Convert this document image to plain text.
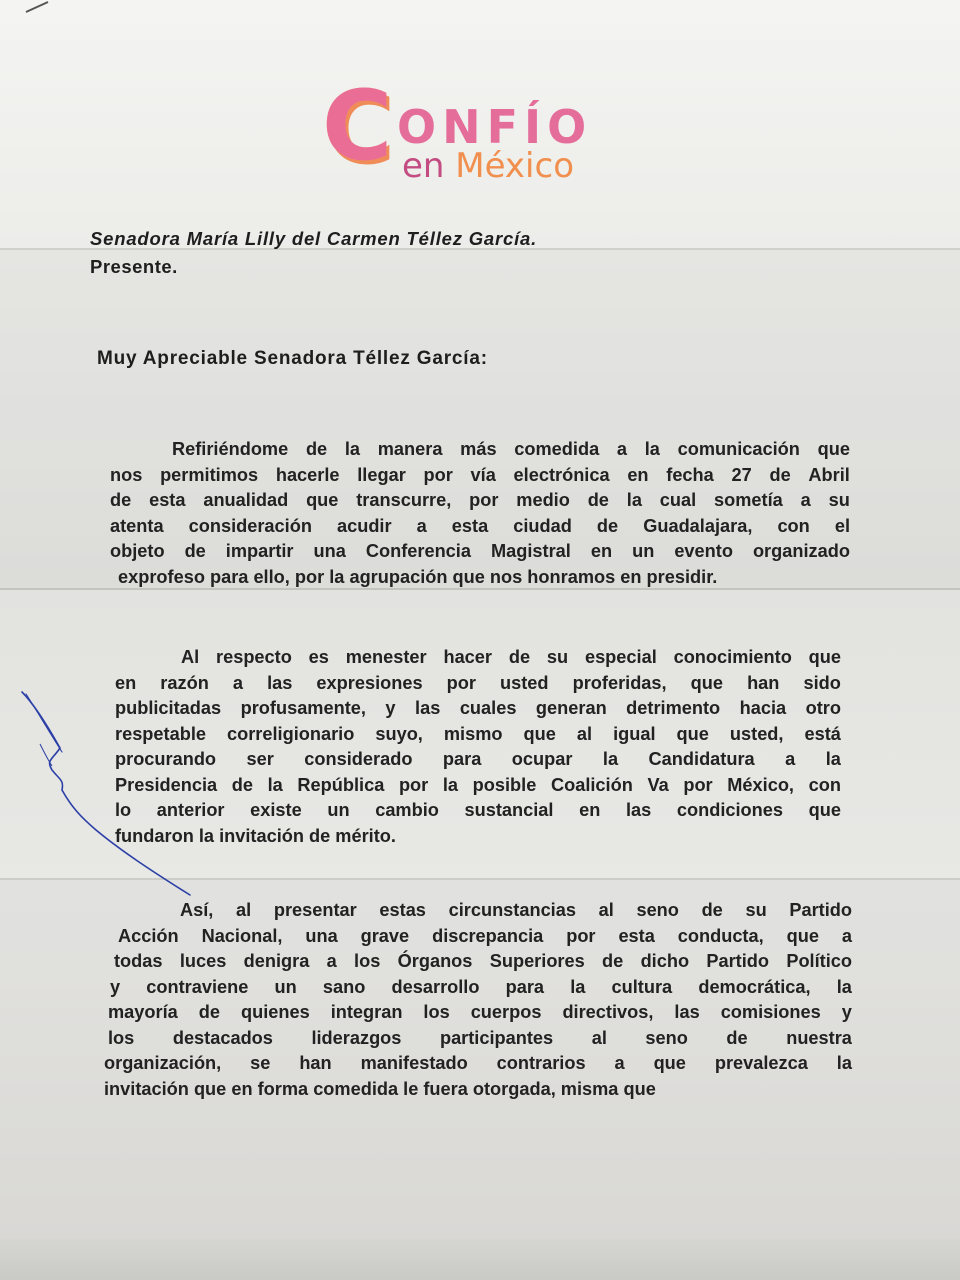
C ONFÍO
en México
Senadora María Lilly del Carmen Téllez García.
Presente.
Muy Apreciable Senadora Téllez García:
Refiriéndome de la manera más comedida a la comunicación que
nos permitimos hacerle llegar por vía electrónica en fecha 27 de Abril
de esta anualidad que transcurre, por medio de la cual sometía a su
atenta consideración acudir a esta ciudad de Guadalajara, con el
objeto de impartir una Conferencia Magistral en un evento organizado
exprofeso para ello, por la agrupación que nos honramos en presidir.
Al respecto es menester hacer de su especial conocimiento que
en razón a las expresiones por usted proferidas, que han sido
publicitadas profusamente, y las cuales generan detrimento hacia otro
respetable correligionario suyo, mismo que al igual que usted, está
procurando ser considerado para ocupar la Candidatura a la
Presidencia de la República por la posible Coalición Va por México, con
lo anterior existe un cambio sustancial en las condiciones que
fundaron la invitación de mérito.
Así, al presentar estas circunstancias al seno de su Partido
Acción Nacional, una grave discrepancia por esta conducta, que a
todas luces denigra a los Órganos Superiores de dicho Partido Político
y contraviene un sano desarrollo para la cultura democrática, la
mayoría de quienes integran los cuerpos directivos, las comisiones y
los destacados liderazgos participantes al seno de nuestra
organización, se han manifestado contrarios a que prevalezca la
invitación que en forma comedida le fuera otorgada, misma que
